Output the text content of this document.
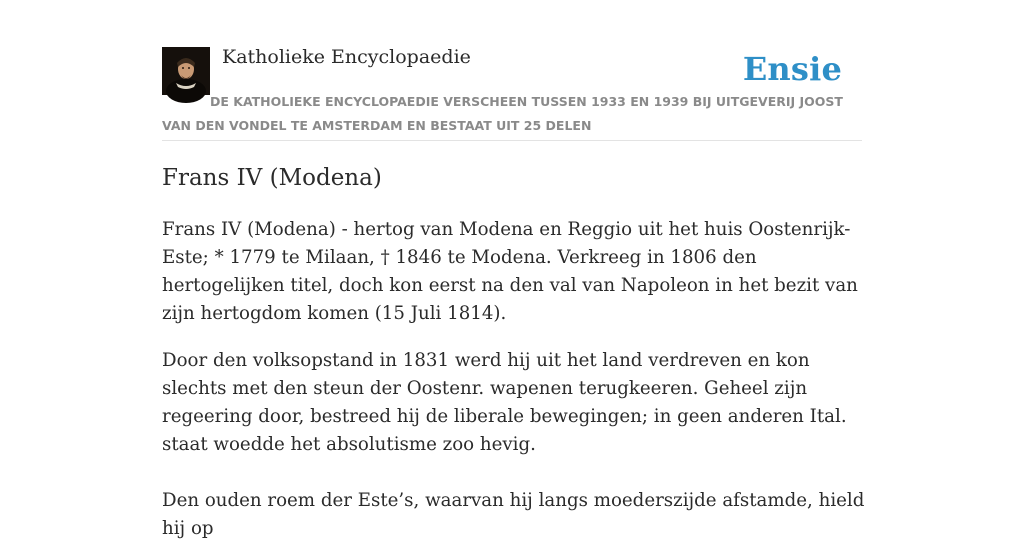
Katholieke Encyclopaedie	Ensie
DE KATHOLIEKE ENCYCLOPAEDIE VERSCHEEN TUSSEN 1933 EN 1939 BIJ UITGEVERIJ JOOST VAN DEN VONDEL TE AMSTERDAM EN BESTAAT UIT 25 DELEN
Frans IV (Modena)

Frans IV (Modena) - hertog van Modena en Reggio uit het huis Oostenrijk-Este; * 1779 te Milaan, † 1846 te Modena. Verkreeg in 1806 den hertogelijken titel, doch kon eerst na den val van Napoleon in het bezit van zijn hertogdom komen (15 Juli 1814).

Door den volksopstand in 1831 werd hij uit het land verdreven en kon slechts met den steun der Oostenr. wapenen terugkeeren. Geheel zijn regeering door, bestreed hij de liberale bewegingen; in geen anderen Ital. staat woedde het absolutisme zoo hevig.

Den ouden roem der Este’s, waarvan hij langs moederszijde afstamde, hield hij op
